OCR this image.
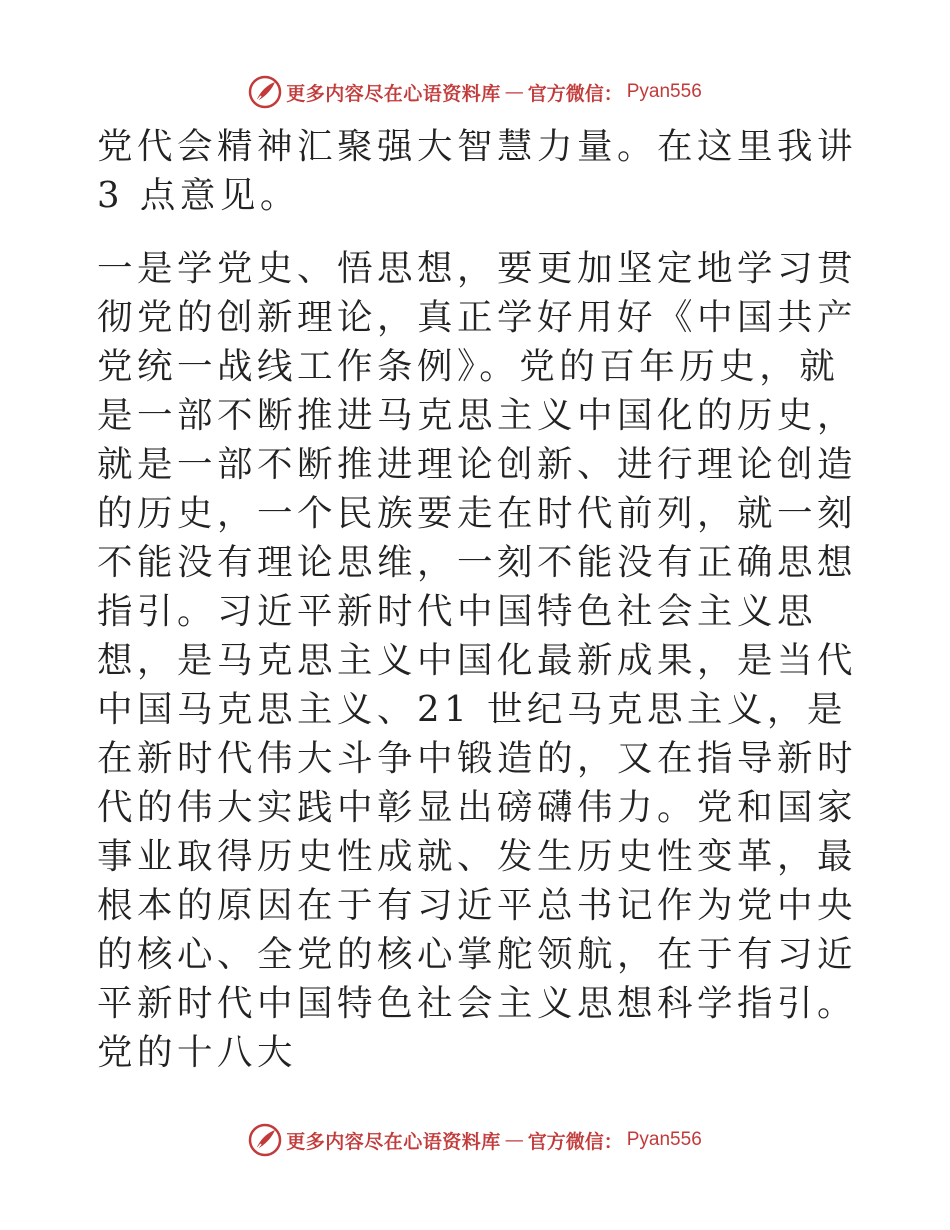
更多内容尽在心语资料库 — 官方微信： Pyan556

党代会精神汇聚强大智慧力量。在这里我讲 3 点意见。

一是学党史、悟思想，要更加坚定地学习贯彻党的创新理论，真正学好用好《中国共产党统一战线工作条例》。党的百年历史，就是一部不断推进马克思主义中国化的历史，就是一部不断推进理论创新、进行理论创造的历史，一个民族要走在时代前列，就一刻不能没有理论思维，一刻不能没有正确思想指引。习近平新时代中国特色社会主义思想，是马克思主义中国化最新成果，是当代中国马克思主义、21 世纪马克思主义，是在新时代伟大斗争中锻造的，又在指导新时代的伟大实践中彰显出磅礴伟力。党和国家事业取得历史性成就、发生历史性变革，最根本的原因在于有习近平总书记作为党中央的核心、全党的核心掌舵领航，在于有习近平新时代中国特色社会主义思想科学指引。党的十八大

更多内容尽在心语资料库 — 官方微信： Pyan556
